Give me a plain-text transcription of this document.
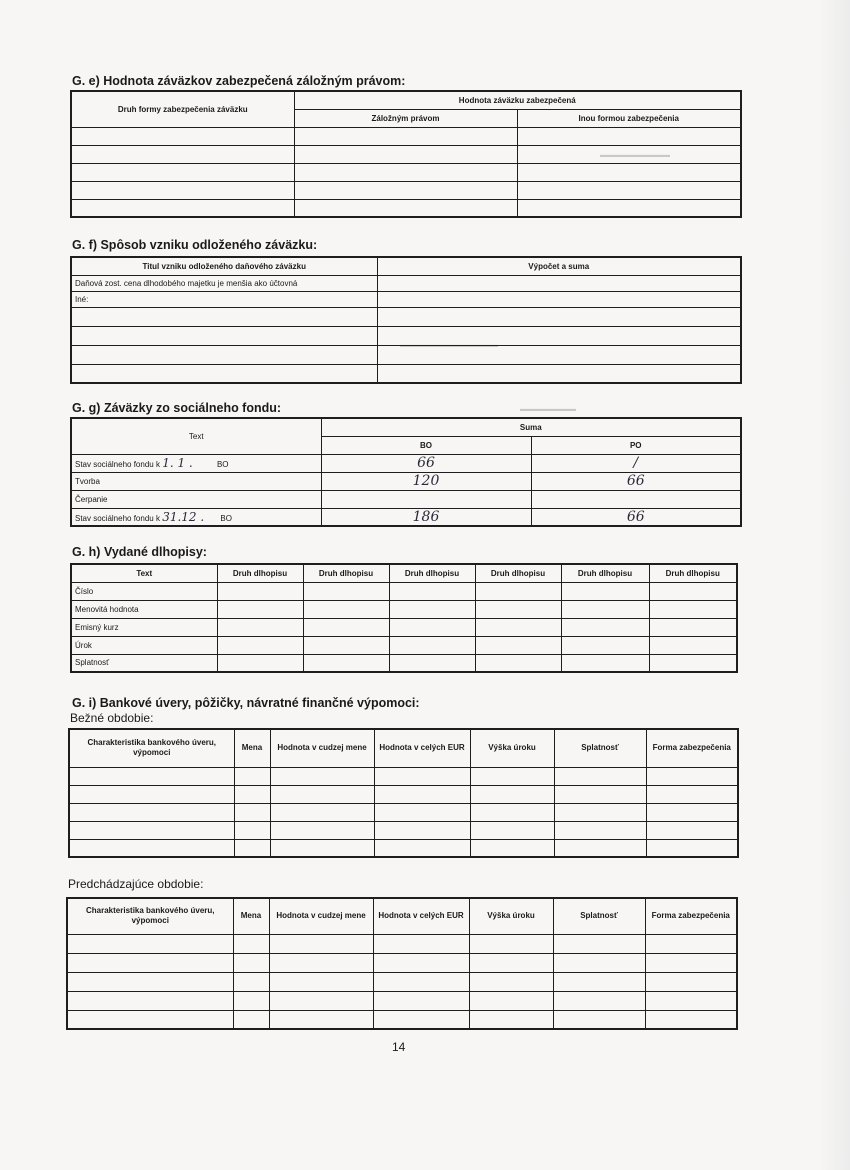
▬▬▬▬▬▬▬▬▬▬
▬▬▬▬▬▬▬▬▬▬▬▬▬▬
▬▬▬▬▬▬▬▬
G. e) Hodnota záväzkov zabezpečená záložným právom:
Druh formy zabezpečenia záväzku	Hodnota záväzku zabezpečená	
	Záložným právom	Inou formou zabezpečenia

G. f) Spôsob vzniku odloženého záväzku:
Titul vzniku odloženého daňového záväzku	Výpočet a suma
Daňová zost. cena dlhodobého majetku je menšia ako účtovná	
Iné:	

G. g) Záväzky zo sociálneho fondu:
Text	Suma	
	BO	PO
Stav sociálneho fondu k 1. 1 . BO	66	/
Tvorba	120	66
Čerpanie		
Stav sociálneho fondu k 31.12 . BO	186	66
G. h) Vydané dlhopisy:
Text	Druh dlhopisu	Druh dlhopisu	Druh dlhopisu	Druh dlhopisu	Druh dlhopisu	Druh dlhopisu
Číslo						
Menovitá hodnota						
Emisný kurz						
Úrok						
Splatnosť						
G. i) Bankové úvery, pôžičky, návratné finančné výpomoci:
Bežné obdobie:
Charakteristika bankového úveru, výpomoci	Mena	Hodnota v cudzej mene	Hodnota v celých EUR	Výška úroku	Splatnosť	Forma zabezpečenia

Predchádzajúce obdobie:
Charakteristika bankového úveru, výpomoci	Mena	Hodnota v cudzej mene	Hodnota v celých EUR	Výška úroku	Splatnosť	Forma zabezpečenia

14
